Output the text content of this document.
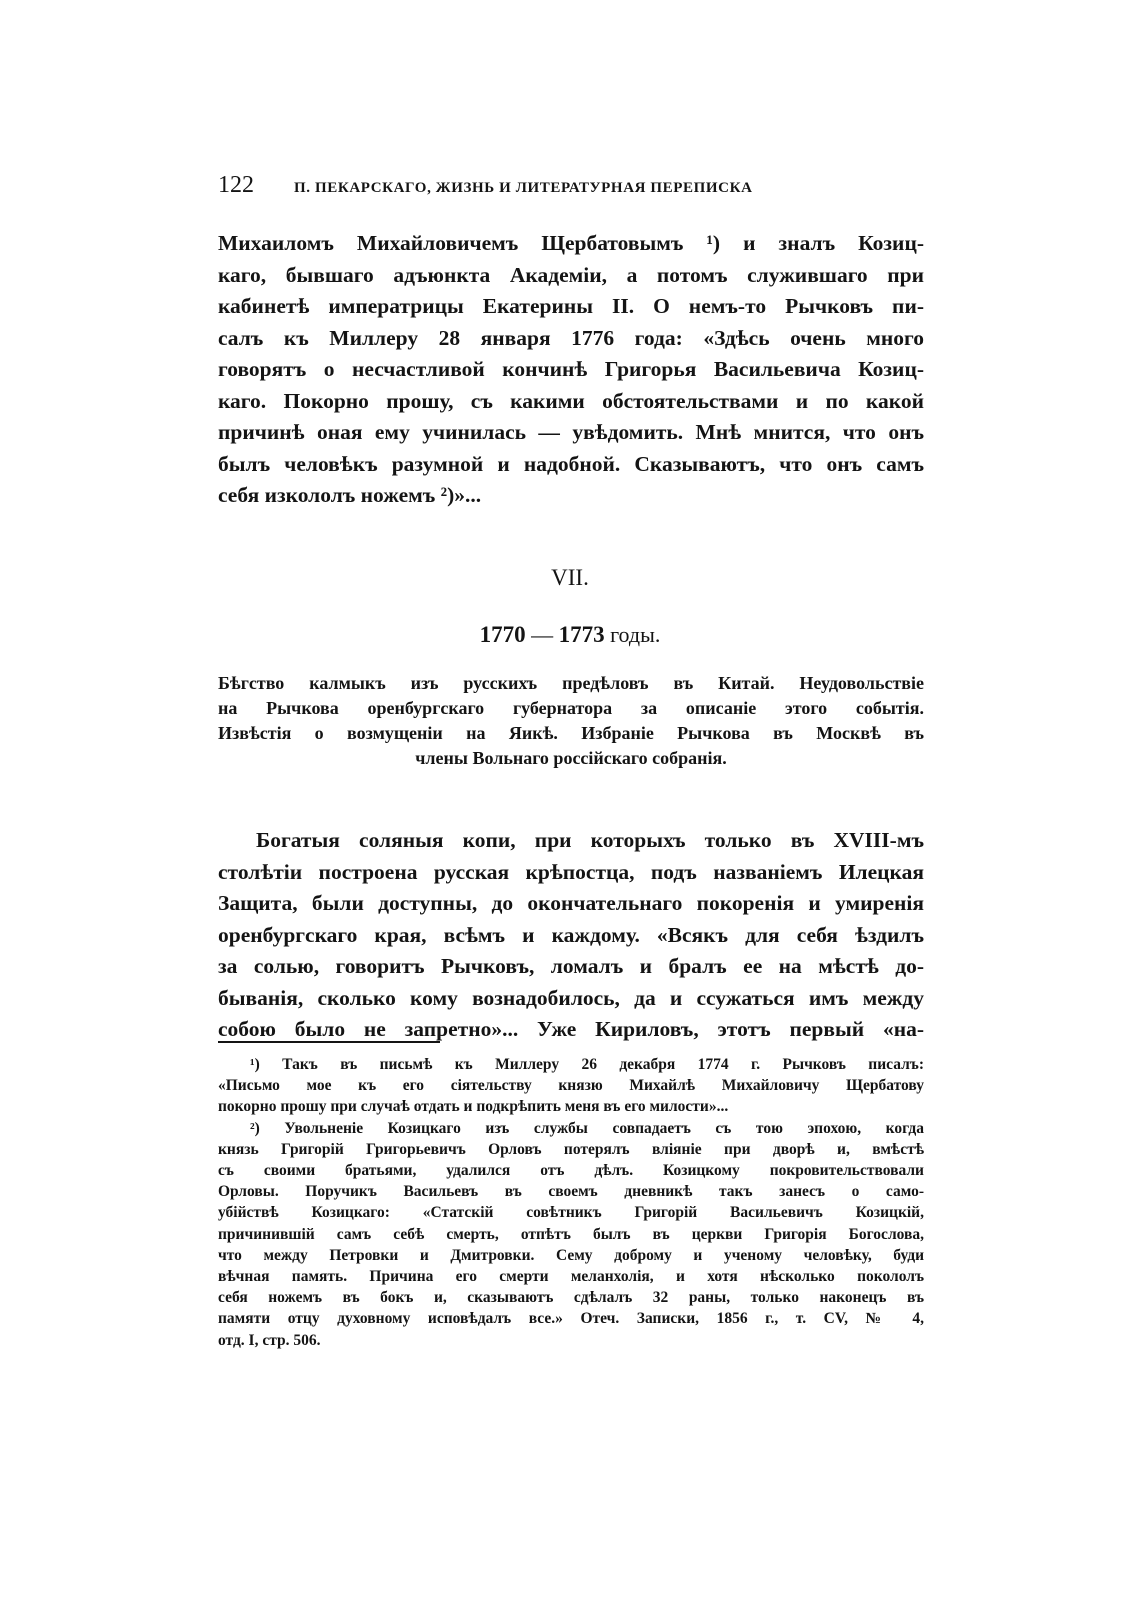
122	П. ПЕКАРСКАГО, ЖИЗНЬ И ЛИТЕРАТУРНАЯ ПЕРЕПИСКА
Михаиломъ Михайловичемъ Щербатовымъ ¹) и зналъ Козиц-
каго, бывшаго адъюнкта Академіи, а потомъ служившаго при
кабинетѣ императрицы Екатерины II. О немъ-то Рычковъ пи-
салъ къ Миллеру 28 января 1776 года: «Здѣсь очень много
говорятъ о несчастливой кончинѣ Григорья Васильевича Козиц-
каго. Покорно прошу, съ какими обстоятельствами и по какой
причинѣ оная ему учинилась — увѣдомить. Мнѣ мнится, что онъ
былъ человѣкъ разумной и надобной. Сказываютъ, что онъ самъ
себя изкололъ ножемъ ²)»...
VII.
1770 — 1773 годы.
Бѣгство калмыкъ изъ русскихъ предѣловъ въ Китай. Неудовольствіе
на Рычкова оренбургскаго губернатора за описаніе этого событія.
Извѣстія о возмущеніи на Яикѣ. Избраніе Рычкова въ Москвѣ въ
члены Вольнаго россійскаго собранія.
Богатыя соляныя копи, при которыхъ только въ XVIII-мъ
столѣтіи построена русская крѣпостца, подъ названіемъ Илецкая
Защита, были доступны, до окончательнаго покоренія и умиренія
оренбургскаго края, всѣмъ и каждому. «Всякъ для себя ѣздилъ
за солью, говоритъ Рычковъ, ломалъ и бралъ ее на мѣстѣ до-
быванія, сколько кому вознадобилось, да и ссужаться имъ между
собою было не запретно»... Уже Кириловъ, этотъ первый «на-
¹) Такъ въ письмѣ къ Миллеру 26 декабря 1774 г. Рычковъ писалъ:
«Письмо мое къ его сіятельству князю Михайлѣ Михайловичу Щербатову
покорно прошу при случаѣ отдать и подкрѣпить меня въ его милости»...
²) Увольненіе Козицкаго изъ службы совпадаетъ съ тою эпохою, когда
князь Григорій Григорьевичъ Орловъ потерялъ вліяніе при дворѣ и, вмѣстѣ
съ своими братьями, удалился отъ дѣлъ. Козицкому покровительствовали
Орловы. Поручикъ Васильевъ въ своемъ дневникѣ такъ занесъ о само-
убійствѣ Козицкаго: «Статскій совѣтникъ Григорій Васильевичъ Козицкій,
причинившій самъ себѣ смерть, отпѣтъ былъ въ церкви Григорія Богослова,
что между Петровки и Дмитровки. Сему доброму и ученому человѣку, буди
вѣчная память. Причина его смерти меланхолія, и хотя нѣсколько покололъ
себя ножемъ въ бокъ и, сказываютъ сдѣлалъ 32 раны, только наконецъ въ
памяти отцу духовному исповѣдалъ все.» Отеч. Записки, 1856 г., т. CV, № 4,
отд. I, стр. 506.
